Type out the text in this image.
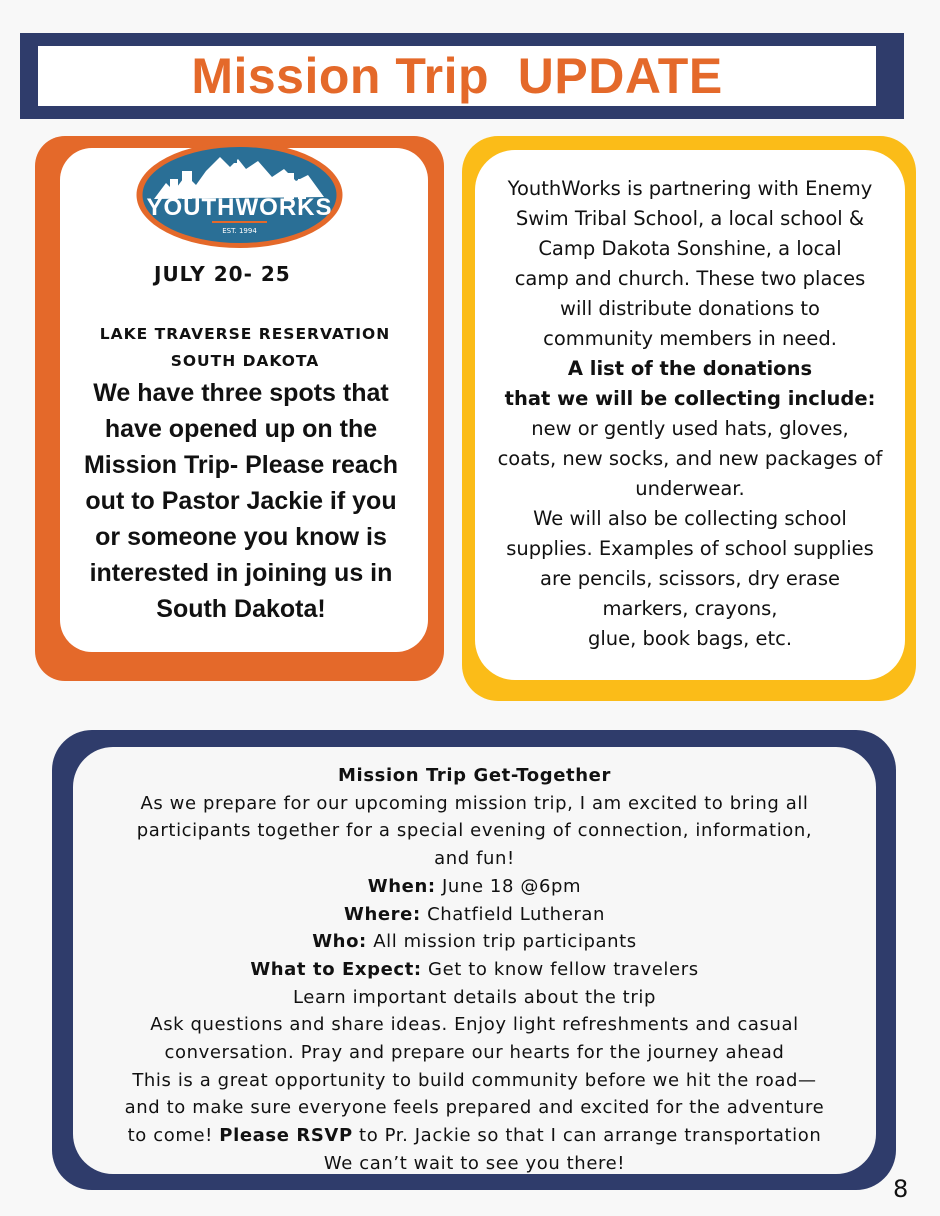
Mission Trip  UPDATE
YOUTHWORKS
EST. 1994
JULY 20- 25
LAKE TRAVERSE RESERVATION
SOUTH DAKOTA
We have three spots that
have opened up on the
Mission Trip- Please reach
out to Pastor Jackie if you
or someone you know is
interested in joining us in
South Dakota!
YouthWorks is partnering with Enemy
Swim Tribal School, a local school &
Camp Dakota Sonshine, a local
camp and church. These two places
will distribute donations to
community members in need.
A list of the donations
that we will be collecting include:
new or gently used hats, gloves,
coats, new socks, and new packages of
underwear.
We will also be collecting school
supplies. Examples of school supplies
are pencils, scissors, dry erase
markers, crayons,
glue, book bags, etc.
Mission Trip Get-Together
As we prepare for our upcoming mission trip, I am excited to bring all
participants together for a special evening of connection, information,
and fun!
When: June 18 @6pm
Where: Chatfield Lutheran
Who: All mission trip participants
What to Expect: Get to know fellow travelers
Learn important details about the trip
Ask questions and share ideas. Enjoy light refreshments and casual
conversation. Pray and prepare our hearts for the journey ahead
This is a great opportunity to build community before we hit the road—
and to make sure everyone feels prepared and excited for the adventure
to come! Please RSVP to Pr. Jackie so that I can arrange transportation
We can’t wait to see you there!
8
